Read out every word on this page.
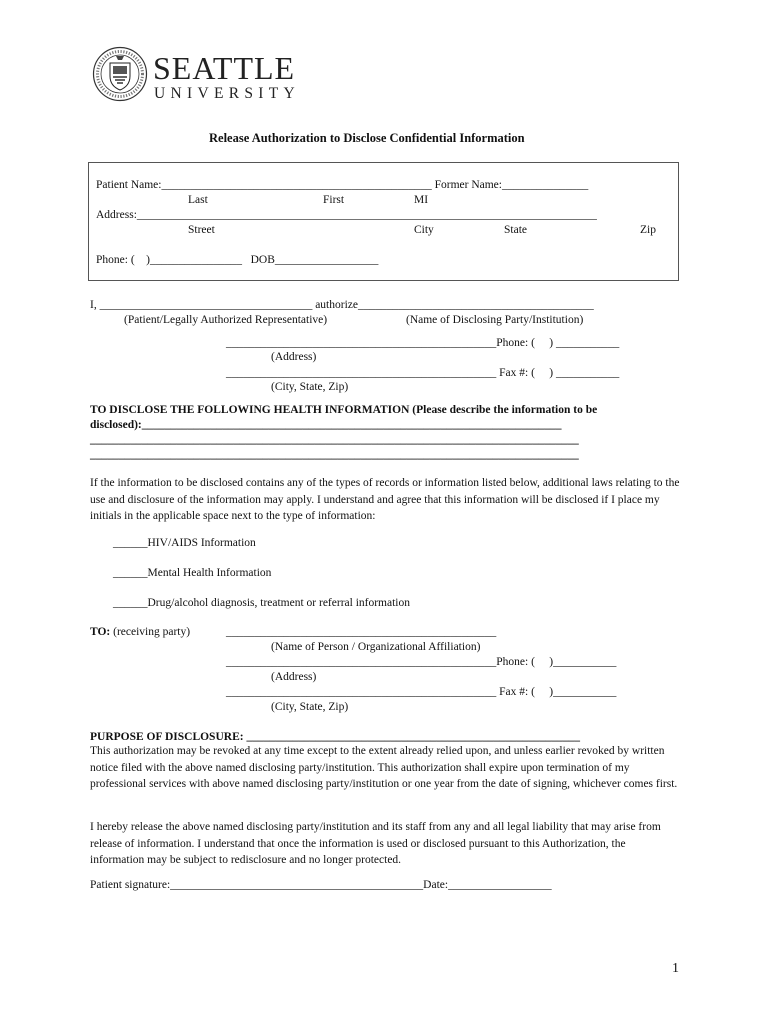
SEATTLE
UNIVERSITY
Release Authorization to Disclose Confidential Information
Patient Name:_______________________________________________ Former Name:_______________
Last	First	MI
Address:________________________________________________________________________________
Street	City	State	Zip
Phone: (    )________________   DOB__________________
I, _____________________________________ authorize_________________________________________
(Patient/Legally Authorized Representative)	(Name of Disclosing Party/Institution)
_______________________________________________Phone: (     ) ___________
(Address)
_______________________________________________ Fax #: (     ) ___________
(City, State, Zip)
TO DISCLOSE THE FOLLOWING HEALTH INFORMATION (Please describe the information to be
disclosed):_________________________________________________________________________
_____________________________________________________________________________________
_____________________________________________________________________________________
If the information to be disclosed contains any of the types of records or information listed below, additional laws relating to the use and disclosure of the information may apply. I understand and agree that this information will be disclosed if I place my initials in the applicable space next to the type of information:
______HIV/AIDS Information
______Mental Health Information
______Drug/alcohol diagnosis, treatment or referral information
TO: (receiving party)	_______________________________________________
(Name of Person / Organizational Affiliation)
_______________________________________________Phone: (     )___________
(Address)
_______________________________________________ Fax #: (     )___________
(City, State, Zip)
PURPOSE OF DISCLOSURE: __________________________________________________________
This authorization may be revoked at any time except to the extent already relied upon, and unless earlier revoked by written notice filed with the above named disclosing party/institution. This authorization shall expire upon termination of my professional services with above named disclosing party/institution or one year from the date of signing, whichever comes first.
I hereby release the above named disclosing party/institution and its staff from any and all legal liability that may arise from release of information. I understand that once the information is used or disclosed pursuant to this Authorization, the information may be subject to redisclosure and no longer protected.
Patient signature:____________________________________________Date:__________________
1
